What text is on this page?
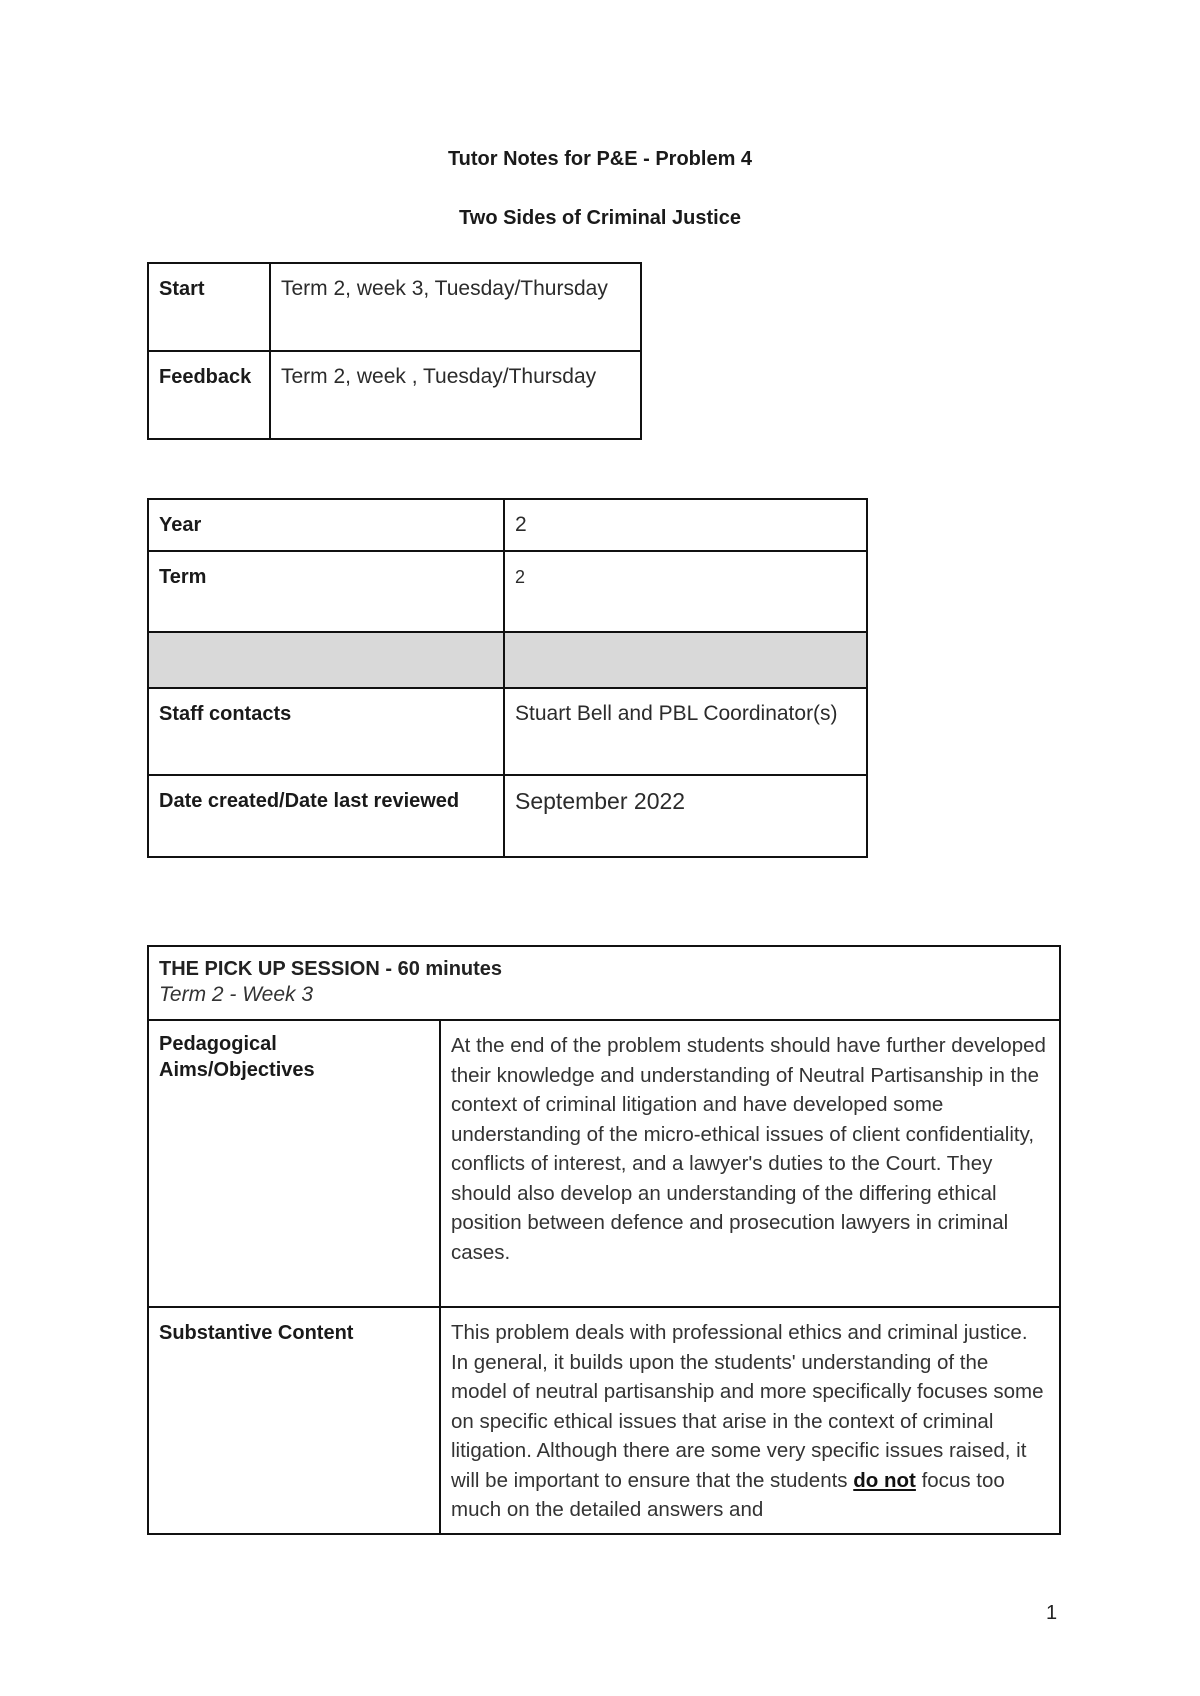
Tutor Notes for P&E - Problem 4
Two Sides of Criminal Justice
Start	Term 2, week 3, Tuesday/Thursday
Feedback	Term 2, week , Tuesday/Thursday
Year	2
Term	2

Staff contacts	Stuart Bell and PBL Coordinator(s)
Date created/Date last reviewed	September 2022
THE PICK UP SESSION - 60 minutes
Term 2 - Week 3	

Pedagogical Aims/Objectives	At the end of the problem students should have further developed their knowledge and understanding of Neutral Partisanship in the context of criminal litigation and have developed some understanding of the micro-ethical issues of client confidentiality, conflicts of interest, and a lawyer's duties to the Court. They should also develop an understanding of the differing ethical position between defence and prosecution lawyers in criminal cases.
Substantive Content	This problem deals with professional ethics and criminal justice. In general, it builds upon the students' understanding of the model of neutral partisanship and more specifically focuses some on specific ethical issues that arise in the context of criminal litigation. Although there are some very specific issues raised, it will be important to ensure that the students do not focus too much on the detailed answers and
1
